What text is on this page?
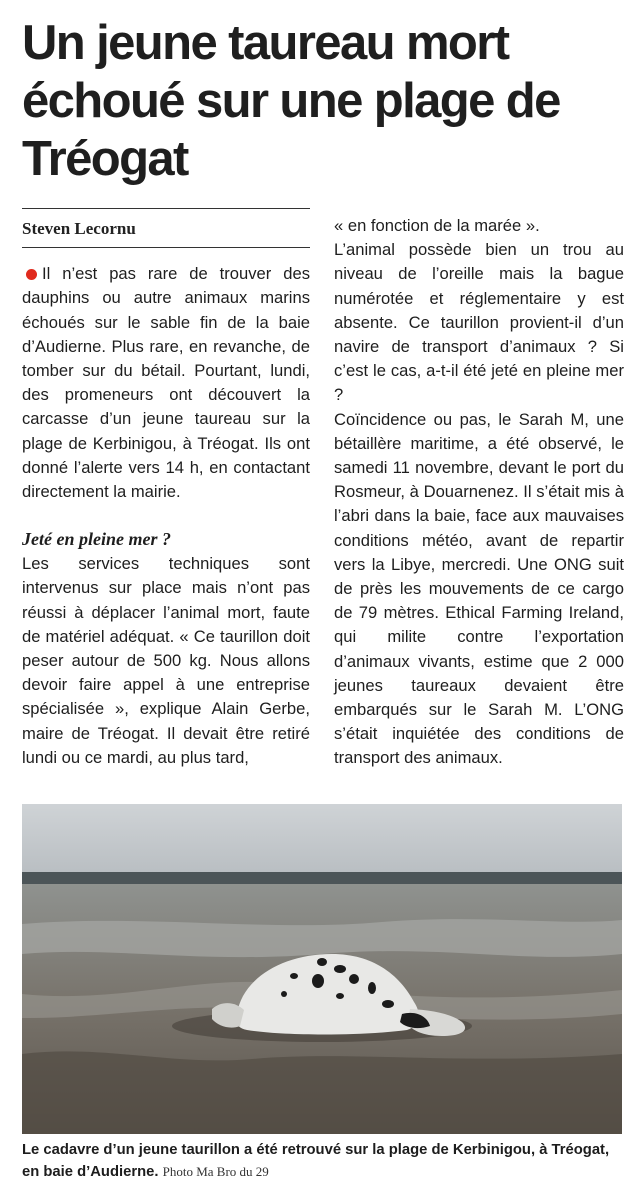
Un jeune taureau mort échoué sur une plage de Tréogat
Steven Lecornu

Il n’est pas rare de trouver des dauphins ou autre animaux marins échoués sur le sable fin de la baie d’Audierne. Plus rare, en revanche, de tomber sur du bétail. Pourtant, lundi, des promeneurs ont découvert la carcasse d’un jeune taureau sur la plage de Kerbinigou, à Tréogat. Ils ont donné l’alerte vers 14 h, en contactant directement la mairie.

Jeté en pleine mer ?

Les services techniques sont intervenus sur place mais n’ont pas réussi à déplacer l’animal mort, faute de matériel adéquat. « Ce taurillon doit peser autour de 500 kg. Nous allons devoir faire appel à une entreprise spécialisée », explique Alain Gerbe, maire de Tréogat. Il devait être retiré lundi ou ce mardi, au plus tard,

« en fonction de la marée ».

L’animal possède bien un trou au niveau de l’oreille mais la bague numérotée et réglementaire y est absente. Ce taurillon provient-il d’un navire de transport d’animaux ? Si c’est le cas, a-t-il été jeté en pleine mer ?

Coïncidence ou pas, le Sarah M, une bétaillère maritime, a été observé, le samedi 11 novembre, devant le port du Rosmeur, à Douarnenez. Il s’était mis à l’abri dans la baie, face aux mauvaises conditions météo, avant de repartir vers la Libye, mercredi. Une ONG suit de près les mouvements de ce cargo de 79 mètres. Ethical Farming Ireland, qui milite contre l’exportation d’animaux vivants, estime que 2 000 jeunes taureaux devaient être embarqués sur le Sarah M. L’ONG s’était inquiétée des conditions de transport des animaux.

Le cadavre d’un jeune taurillon a été retrouvé sur la plage de Kerbinigou, à Tréogat, en baie d’Audierne. Photo Ma Bro du 29
